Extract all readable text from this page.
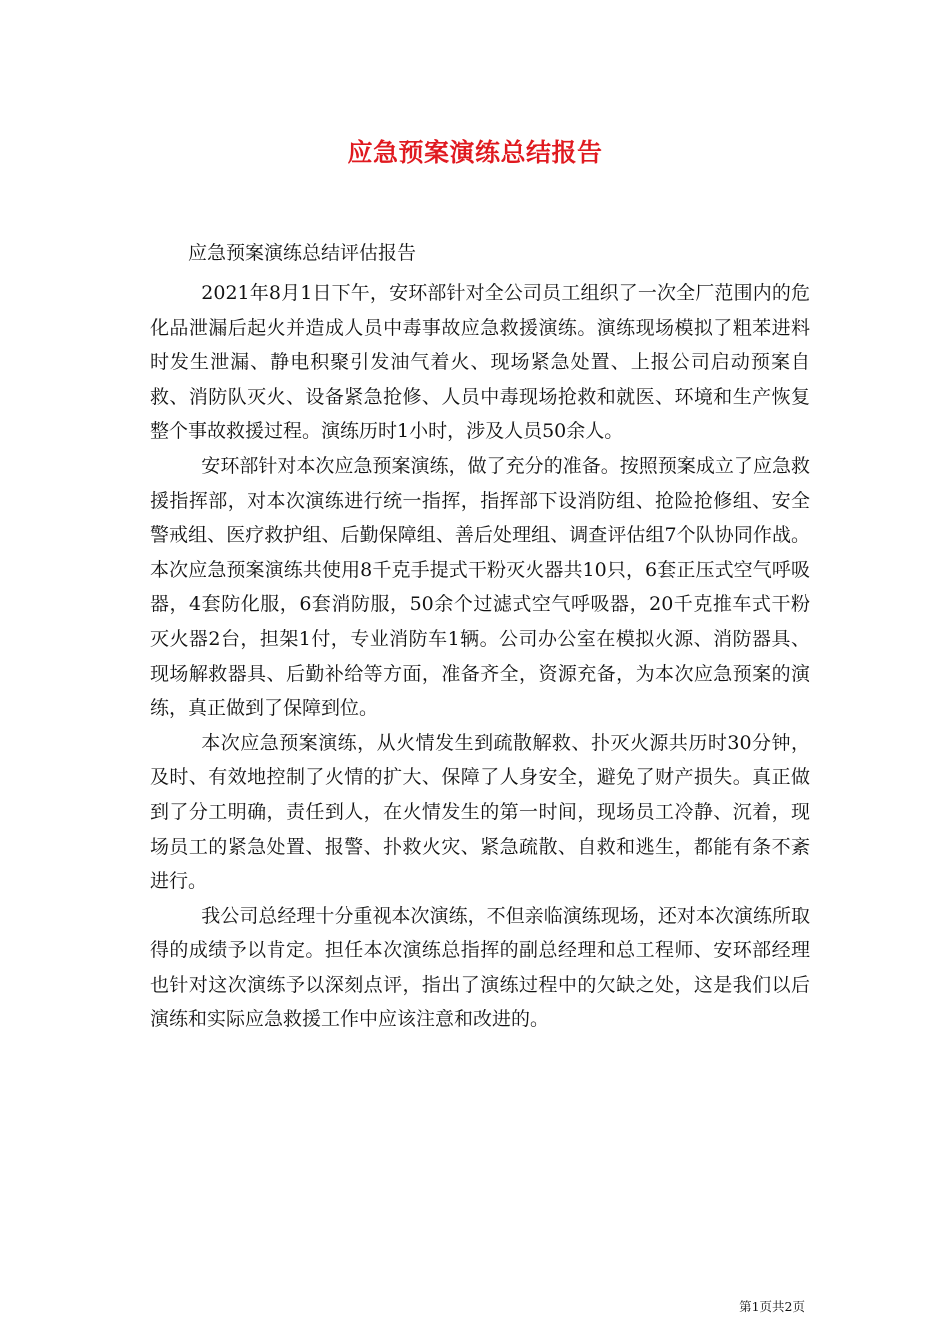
应急预案演练总结报告
应急预案演练总结评估报告

2021年8月1日下午，安环部针对全公司员工组织了一次全厂范围内的危化品泄漏后起火并造成人员中毒事故应急救援演练。演练现场模拟了粗苯进料时发生泄漏、静电积聚引发油气着火、现场紧急处置、上报公司启动预案自救、消防队灭火、设备紧急抢修、人员中毒现场抢救和就医、环境和生产恢复整个事故救援过程。演练历时1小时，涉及人员50余人。

安环部针对本次应急预案演练，做了充分的准备。按照预案成立了应急救援指挥部，对本次演练进行统一指挥，指挥部下设消防组、抢险抢修组、安全警戒组、医疗救护组、后勤保障组、善后处理组、调查评估组7个队协同作战。本次应急预案演练共使用8千克手提式干粉灭火器共10只，6套正压式空气呼吸器，4套防化服，6套消防服，50余个过滤式空气呼吸器，20千克推车式干粉灭火器2台，担架1付，专业消防车1辆。公司办公室在模拟火源、消防器具、现场解救器具、后勤补给等方面，准备齐全，资源充备，为本次应急预案的演练，真正做到了保障到位。

本次应急预案演练，从火情发生到疏散解救、扑灭火源共历时30分钟，及时、有效地控制了火情的扩大、保障了人身安全，避免了财产损失。真正做到了分工明确，责任到人，在火情发生的第一时间，现场员工冷静、沉着，现场员工的紧急处置、报警、扑救火灾、紧急疏散、自救和逃生，都能有条不紊进行。

我公司总经理十分重视本次演练，不但亲临演练现场，还对本次演练所取得的成绩予以肯定。担任本次演练总指挥的副总经理和总工程师、安环部经理也针对这次演练予以深刻点评，指出了演练过程中的欠缺之处，这是我们以后演练和实际应急救援工作中应该注意和改进的。

第1页共2页
